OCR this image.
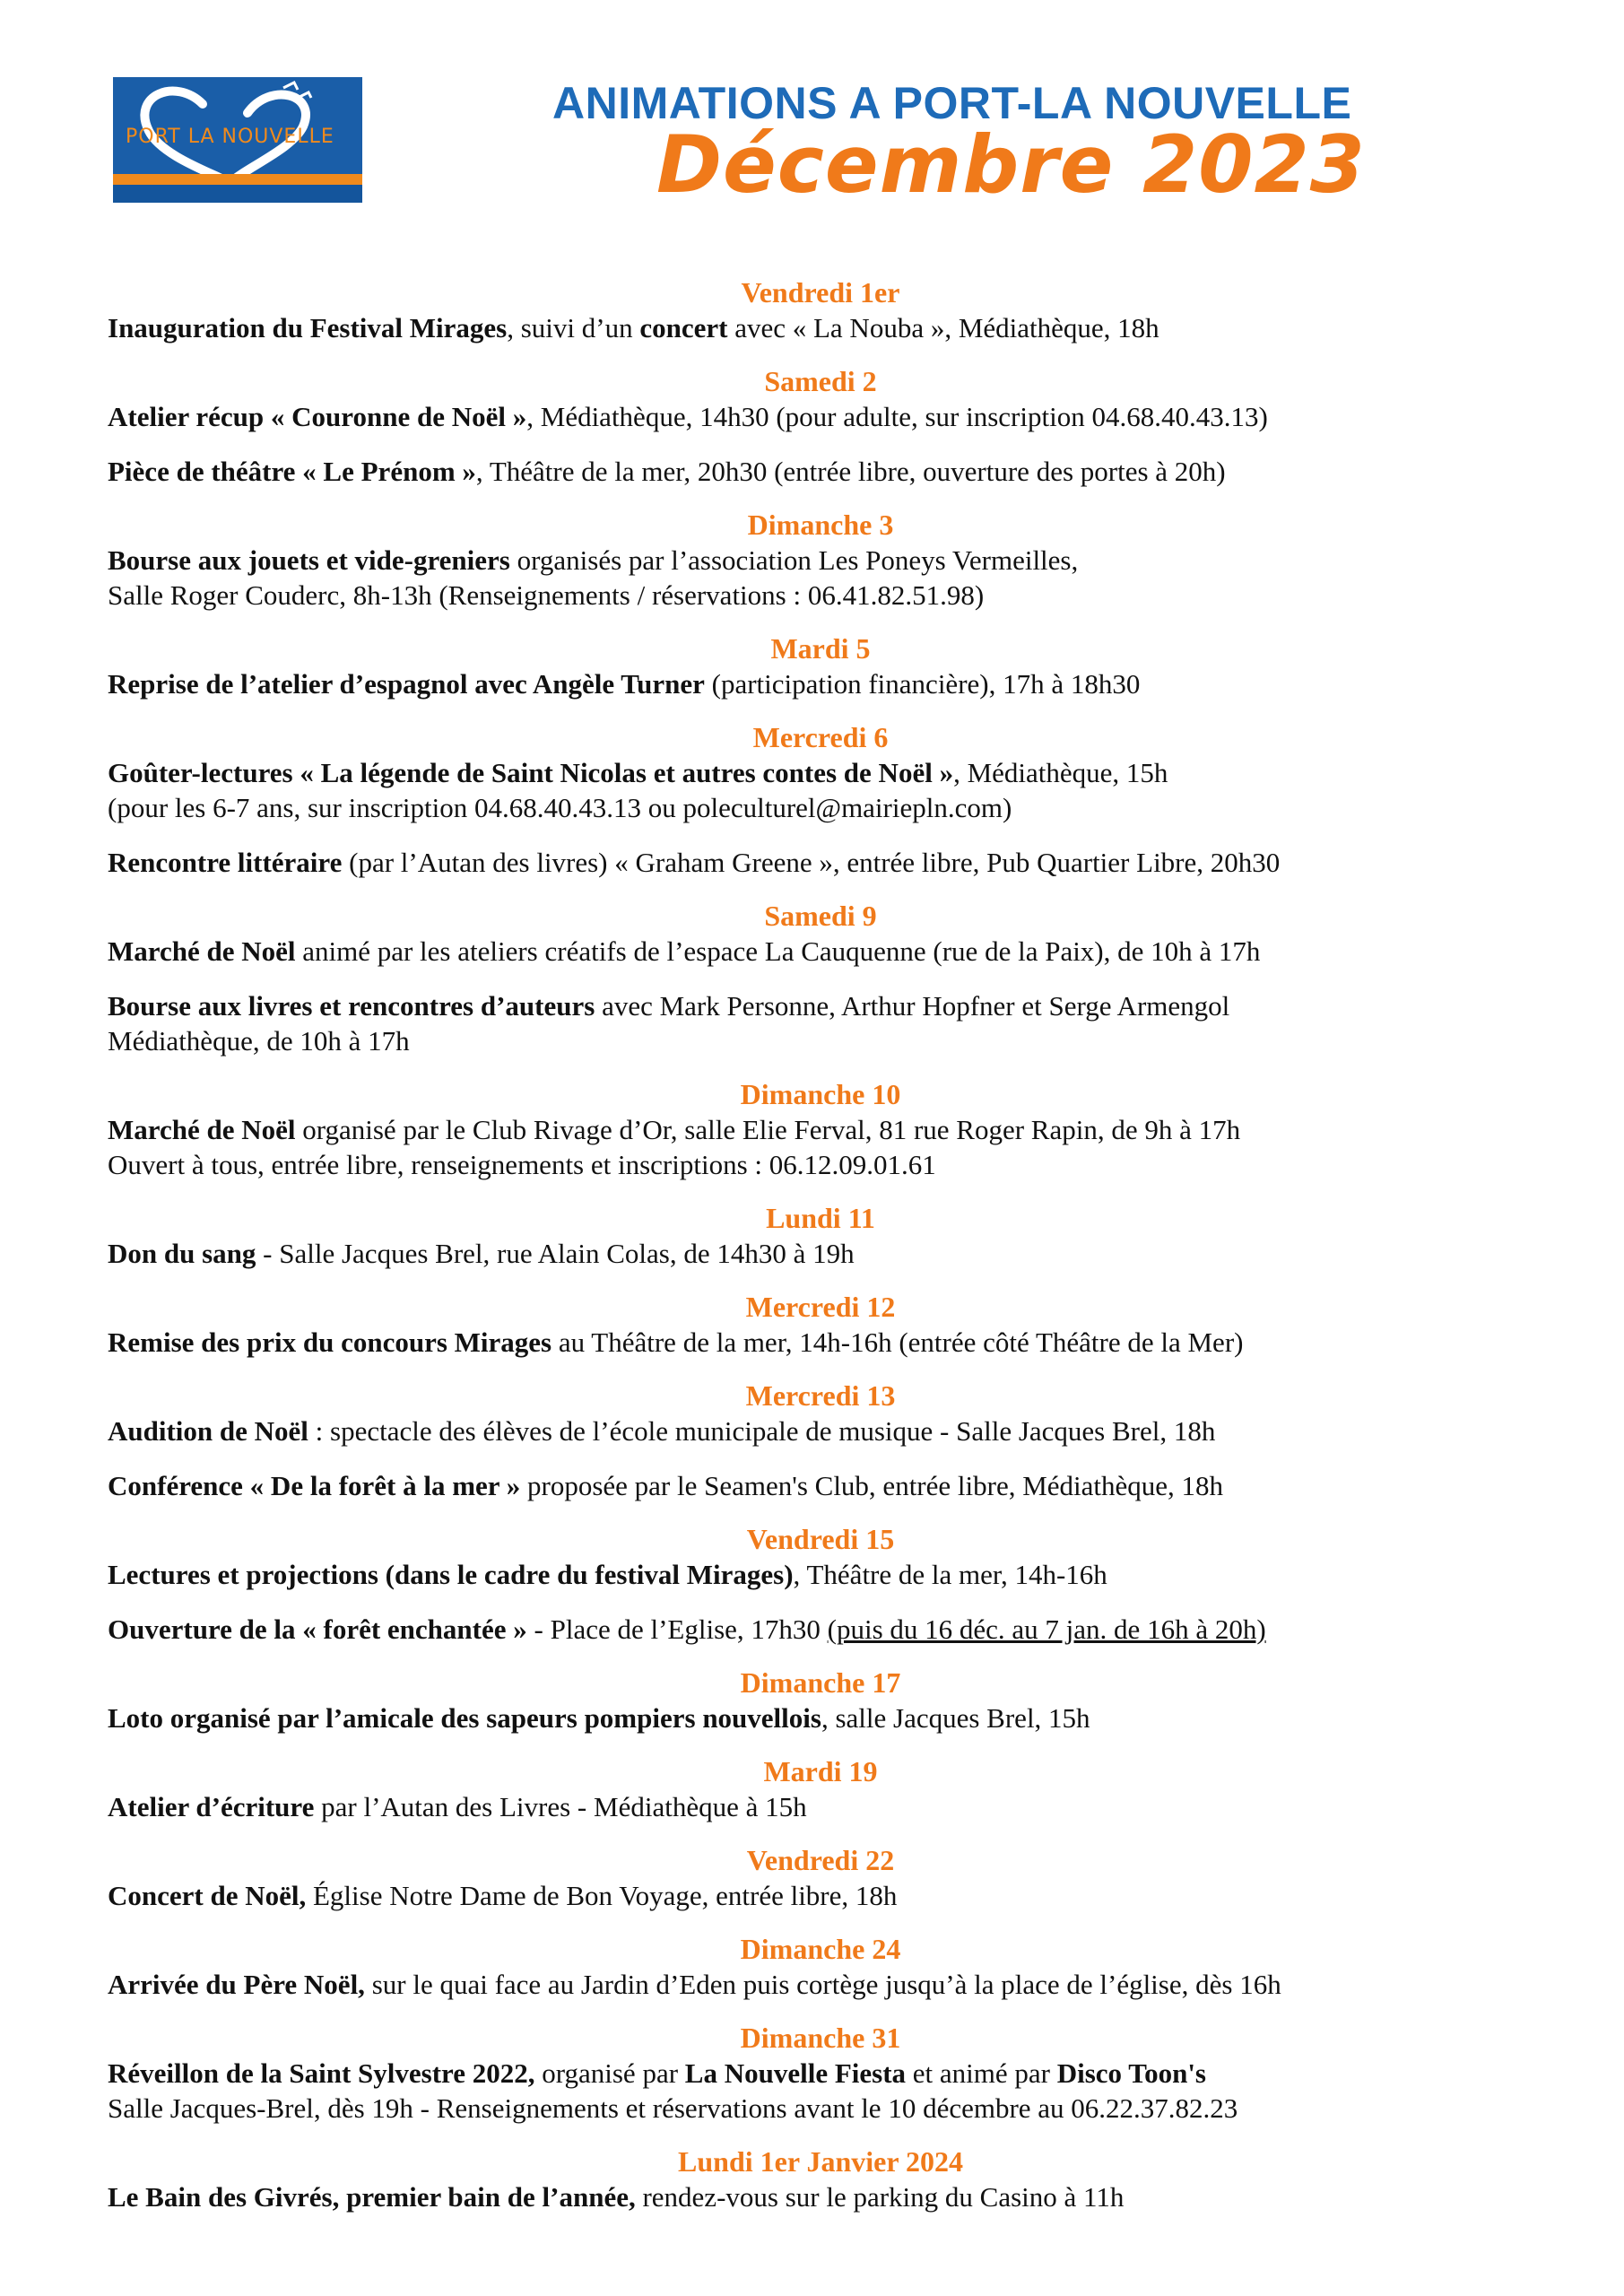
PORT LA NOUVELLE
ANIMATIONS A PORT-LA NOUVELLE
Décembre 2023
Vendredi 1er
Inauguration du Festival Mirages, suivi d’un concert avec « La Nouba », Médiathèque, 18h
Samedi 2
Atelier récup « Couronne de Noël », Médiathèque, 14h30 (pour adulte, sur inscription 04.68.40.43.13)
Pièce de théâtre « Le Prénom », Théâtre de la mer, 20h30 (entrée libre, ouverture des portes à 20h)
Dimanche 3
Bourse aux jouets et vide-greniers organisés par l’association Les Poneys Vermeilles,
Salle Roger Couderc, 8h-13h (Renseignements / réservations : 06.41.82.51.98)
Mardi 5
Reprise de l’atelier d’espagnol avec Angèle Turner (participation financière), 17h à 18h30
Mercredi 6
Goûter-lectures « La légende de Saint Nicolas et autres contes de Noël », Médiathèque, 15h
(pour les 6-7 ans, sur inscription 04.68.40.43.13 ou poleculturel@mairiepln.com)
Rencontre littéraire (par l’Autan des livres) « Graham Greene », entrée libre, Pub Quartier Libre, 20h30
Samedi 9
Marché de Noël animé par les ateliers créatifs de l’espace La Cauquenne (rue de la Paix), de 10h à 17h
Bourse aux livres et rencontres d’auteurs avec Mark Personne, Arthur Hopfner et Serge Armengol
Médiathèque, de 10h à 17h
Dimanche 10
Marché de Noël organisé par le Club Rivage d’Or, salle Elie Ferval, 81 rue Roger Rapin, de 9h à 17h
Ouvert à tous, entrée libre, renseignements et inscriptions : 06.12.09.01.61
Lundi 11
Don du sang - Salle Jacques Brel, rue Alain Colas, de 14h30 à 19h
Mercredi 12
Remise des prix du concours Mirages au Théâtre de la mer, 14h-16h (entrée côté Théâtre de la Mer)
Mercredi 13
Audition de Noël : spectacle des élèves de l’école municipale de musique - Salle Jacques Brel, 18h
Conférence « De la forêt à la mer » proposée par le Seamen's Club, entrée libre, Médiathèque, 18h
Vendredi 15
Lectures et projections (dans le cadre du festival Mirages), Théâtre de la mer, 14h-16h
Ouverture de la « forêt enchantée » - Place de l’Eglise, 17h30 (puis du 16 déc. au 7 jan. de 16h à 20h)
Dimanche 17
Loto organisé par l’amicale des sapeurs pompiers nouvellois, salle Jacques Brel, 15h
Mardi 19
Atelier d’écriture par l’Autan des Livres - Médiathèque à 15h
Vendredi 22
Concert de Noël, Église Notre Dame de Bon Voyage, entrée libre, 18h
Dimanche 24
Arrivée du Père Noël, sur le quai face au Jardin d’Eden puis cortège jusqu’à la place de l’église, dès 16h
Dimanche 31
Réveillon de la Saint Sylvestre 2022, organisé par La Nouvelle Fiesta et animé par Disco Toon's
Salle Jacques-Brel, dès 19h - Renseignements et réservations avant le 10 décembre au 06.22.37.82.23
Lundi 1er Janvier 2024
Le Bain des Givrés, premier bain de l’année, rendez-vous sur le parking du Casino à 11h
